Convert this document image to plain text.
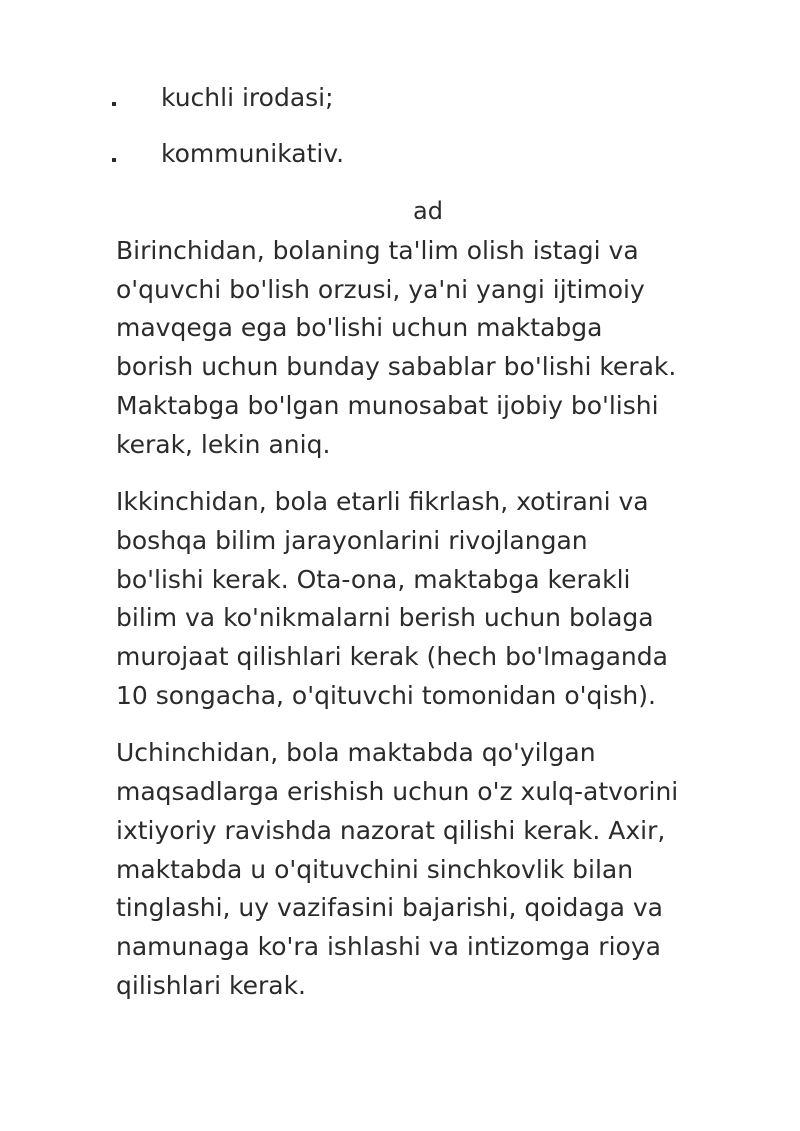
kuchli irodasi;
kommunikativ.
ad

Birinchidan, bolaning ta'lim olish istagi va
o'quvchi bo'lish orzusi, ya'ni yangi ijtimoiy
mavqega ega bo'lishi uchun maktabga
borish uchun bunday sabablar bo'lishi kerak.
Maktabga bo'lgan munosabat ijobiy bo'lishi
kerak, lekin aniq.

Ikkinchidan, bola etarli fikrlash, xotirani va
boshqa bilim jarayonlarini rivojlangan
bo'lishi kerak. Ota-ona, maktabga kerakli
bilim va ko'nikmalarni berish uchun bolaga
murojaat qilishlari kerak (hech bo'lmaganda
10 songacha, o'qituvchi tomonidan o'qish).

Uchinchidan, bola maktabda qo'yilgan
maqsadlarga erishish uchun o'z xulq-atvorini
ixtiyoriy ravishda nazorat qilishi kerak. Axir,
maktabda u o'qituvchini sinchkovlik bilan
tinglashi, uy vazifasini bajarishi, qoidaga va
namunaga ko'ra ishlashi va intizomga rioya
qilishlari kerak.
